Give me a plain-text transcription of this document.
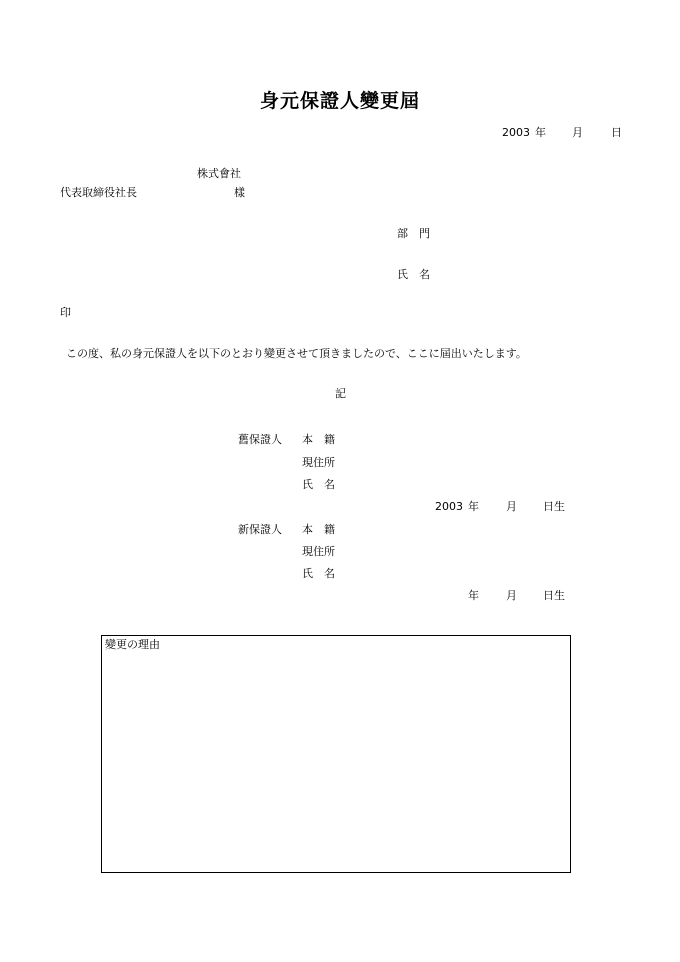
身元保證人變更屆
2003 年 月	日
株式會社
代表取締役社長	樣
部　門
氏　名
印
この度、私の身元保證人を以下のとおり變更させて頂きましたので、ここに屆出いたします。
記
舊保證人 本　籍
現住所
氏　名
2003 年 月 日生
新保證人 本　籍
現住所
氏　名
年 月 日生
變更の理由
